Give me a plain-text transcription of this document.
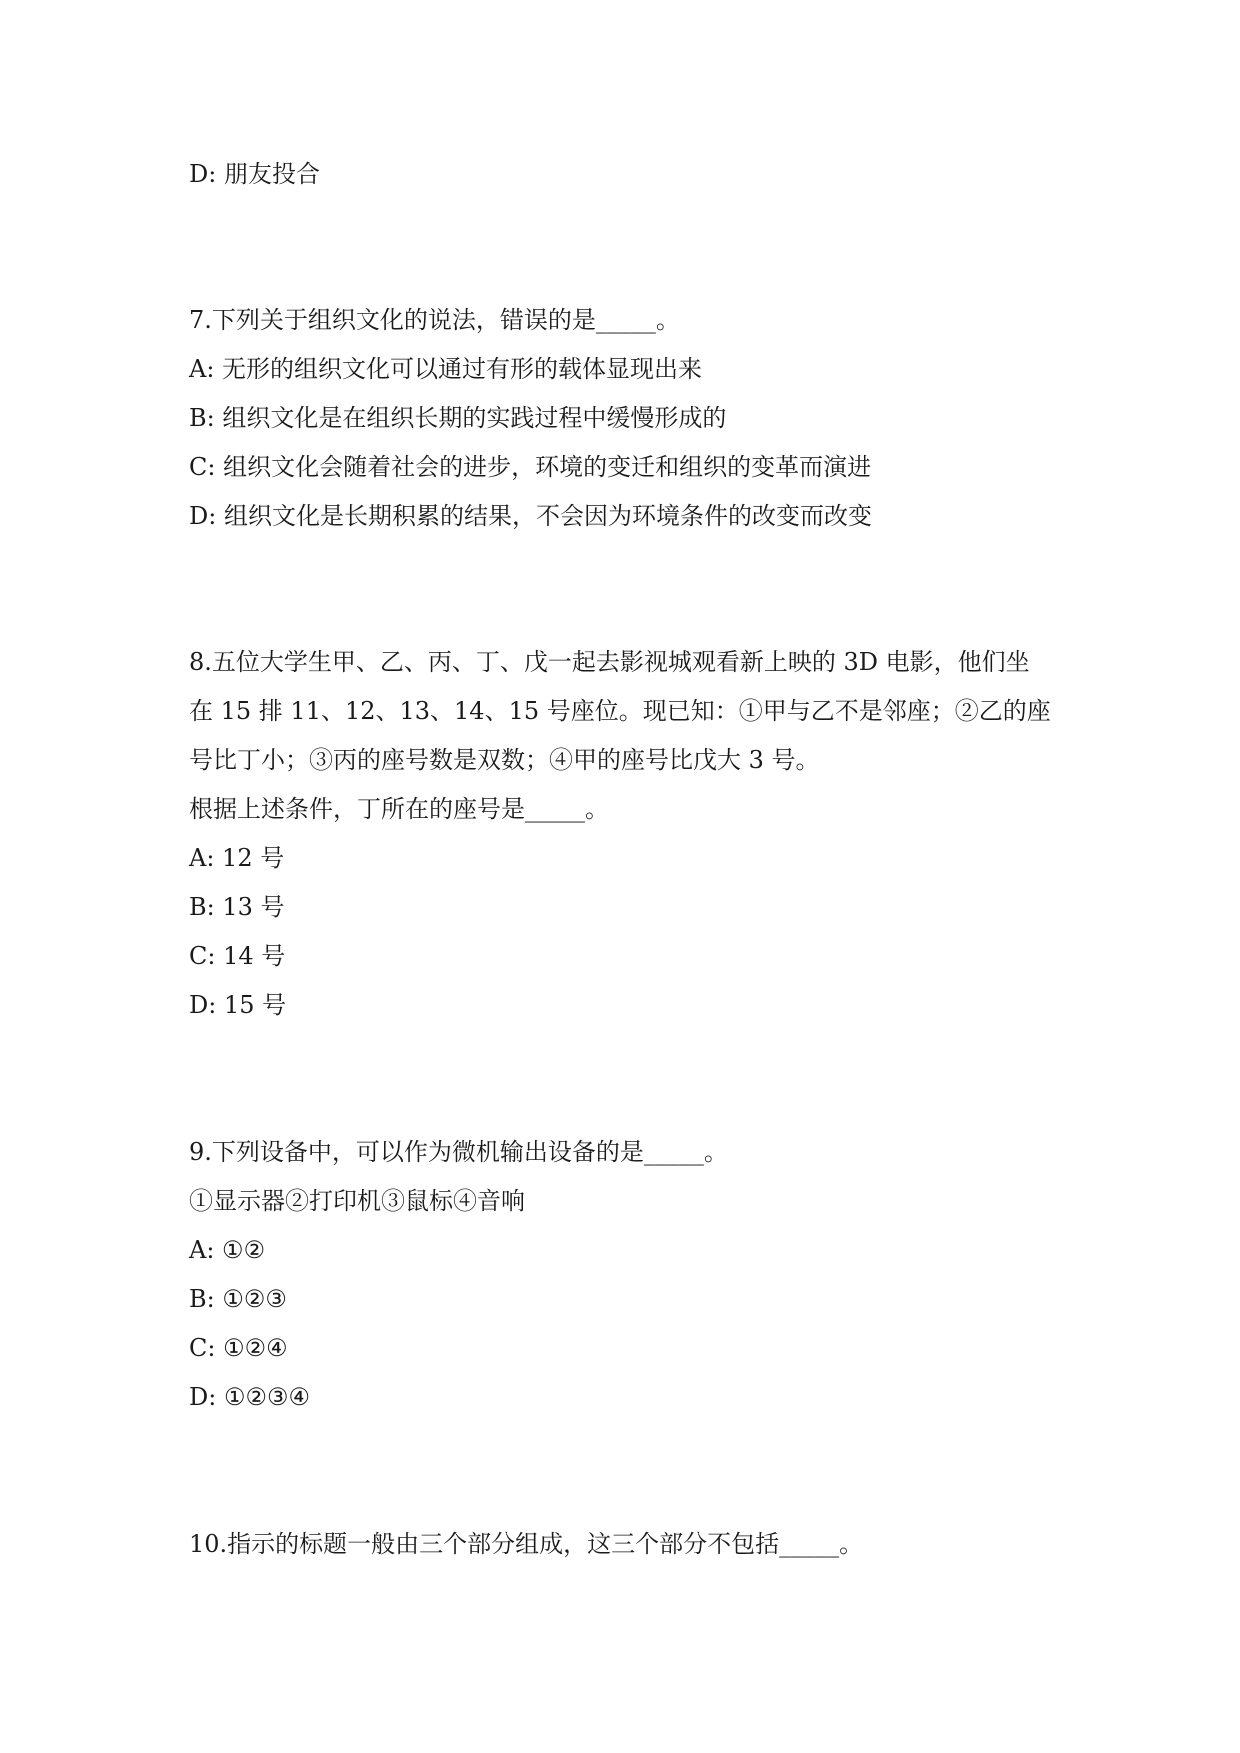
D: 朋友投合

7.下列关于组织文化的说法，错误的是_____。

A: 无形的组织文化可以通过有形的载体显现出来

B: 组织文化是在组织长期的实践过程中缓慢形成的

C: 组织文化会随着社会的进步，环境的变迁和组织的变革而演进

D: 组织文化是长期积累的结果，不会因为环境条件的改变而改变

8.五位大学生甲、乙、丙、丁、戊一起去影视城观看新上映的 3D 电影，他们坐

在 15 排 11、12、13、14、15 号座位。现已知：①甲与乙不是邻座；②乙的座

号比丁小；③丙的座号数是双数；④甲的座号比戊大 3 号。

根据上述条件，丁所在的座号是_____。

A: 12 号

B: 13 号

C: 14 号

D: 15 号

9.下列设备中，可以作为微机输出设备的是_____。

①显示器②打印机③鼠标④音响

A: ①②

B: ①②③

C: ①②④

D: ①②③④

10.指示的标题一般由三个部分组成，这三个部分不包括_____。
